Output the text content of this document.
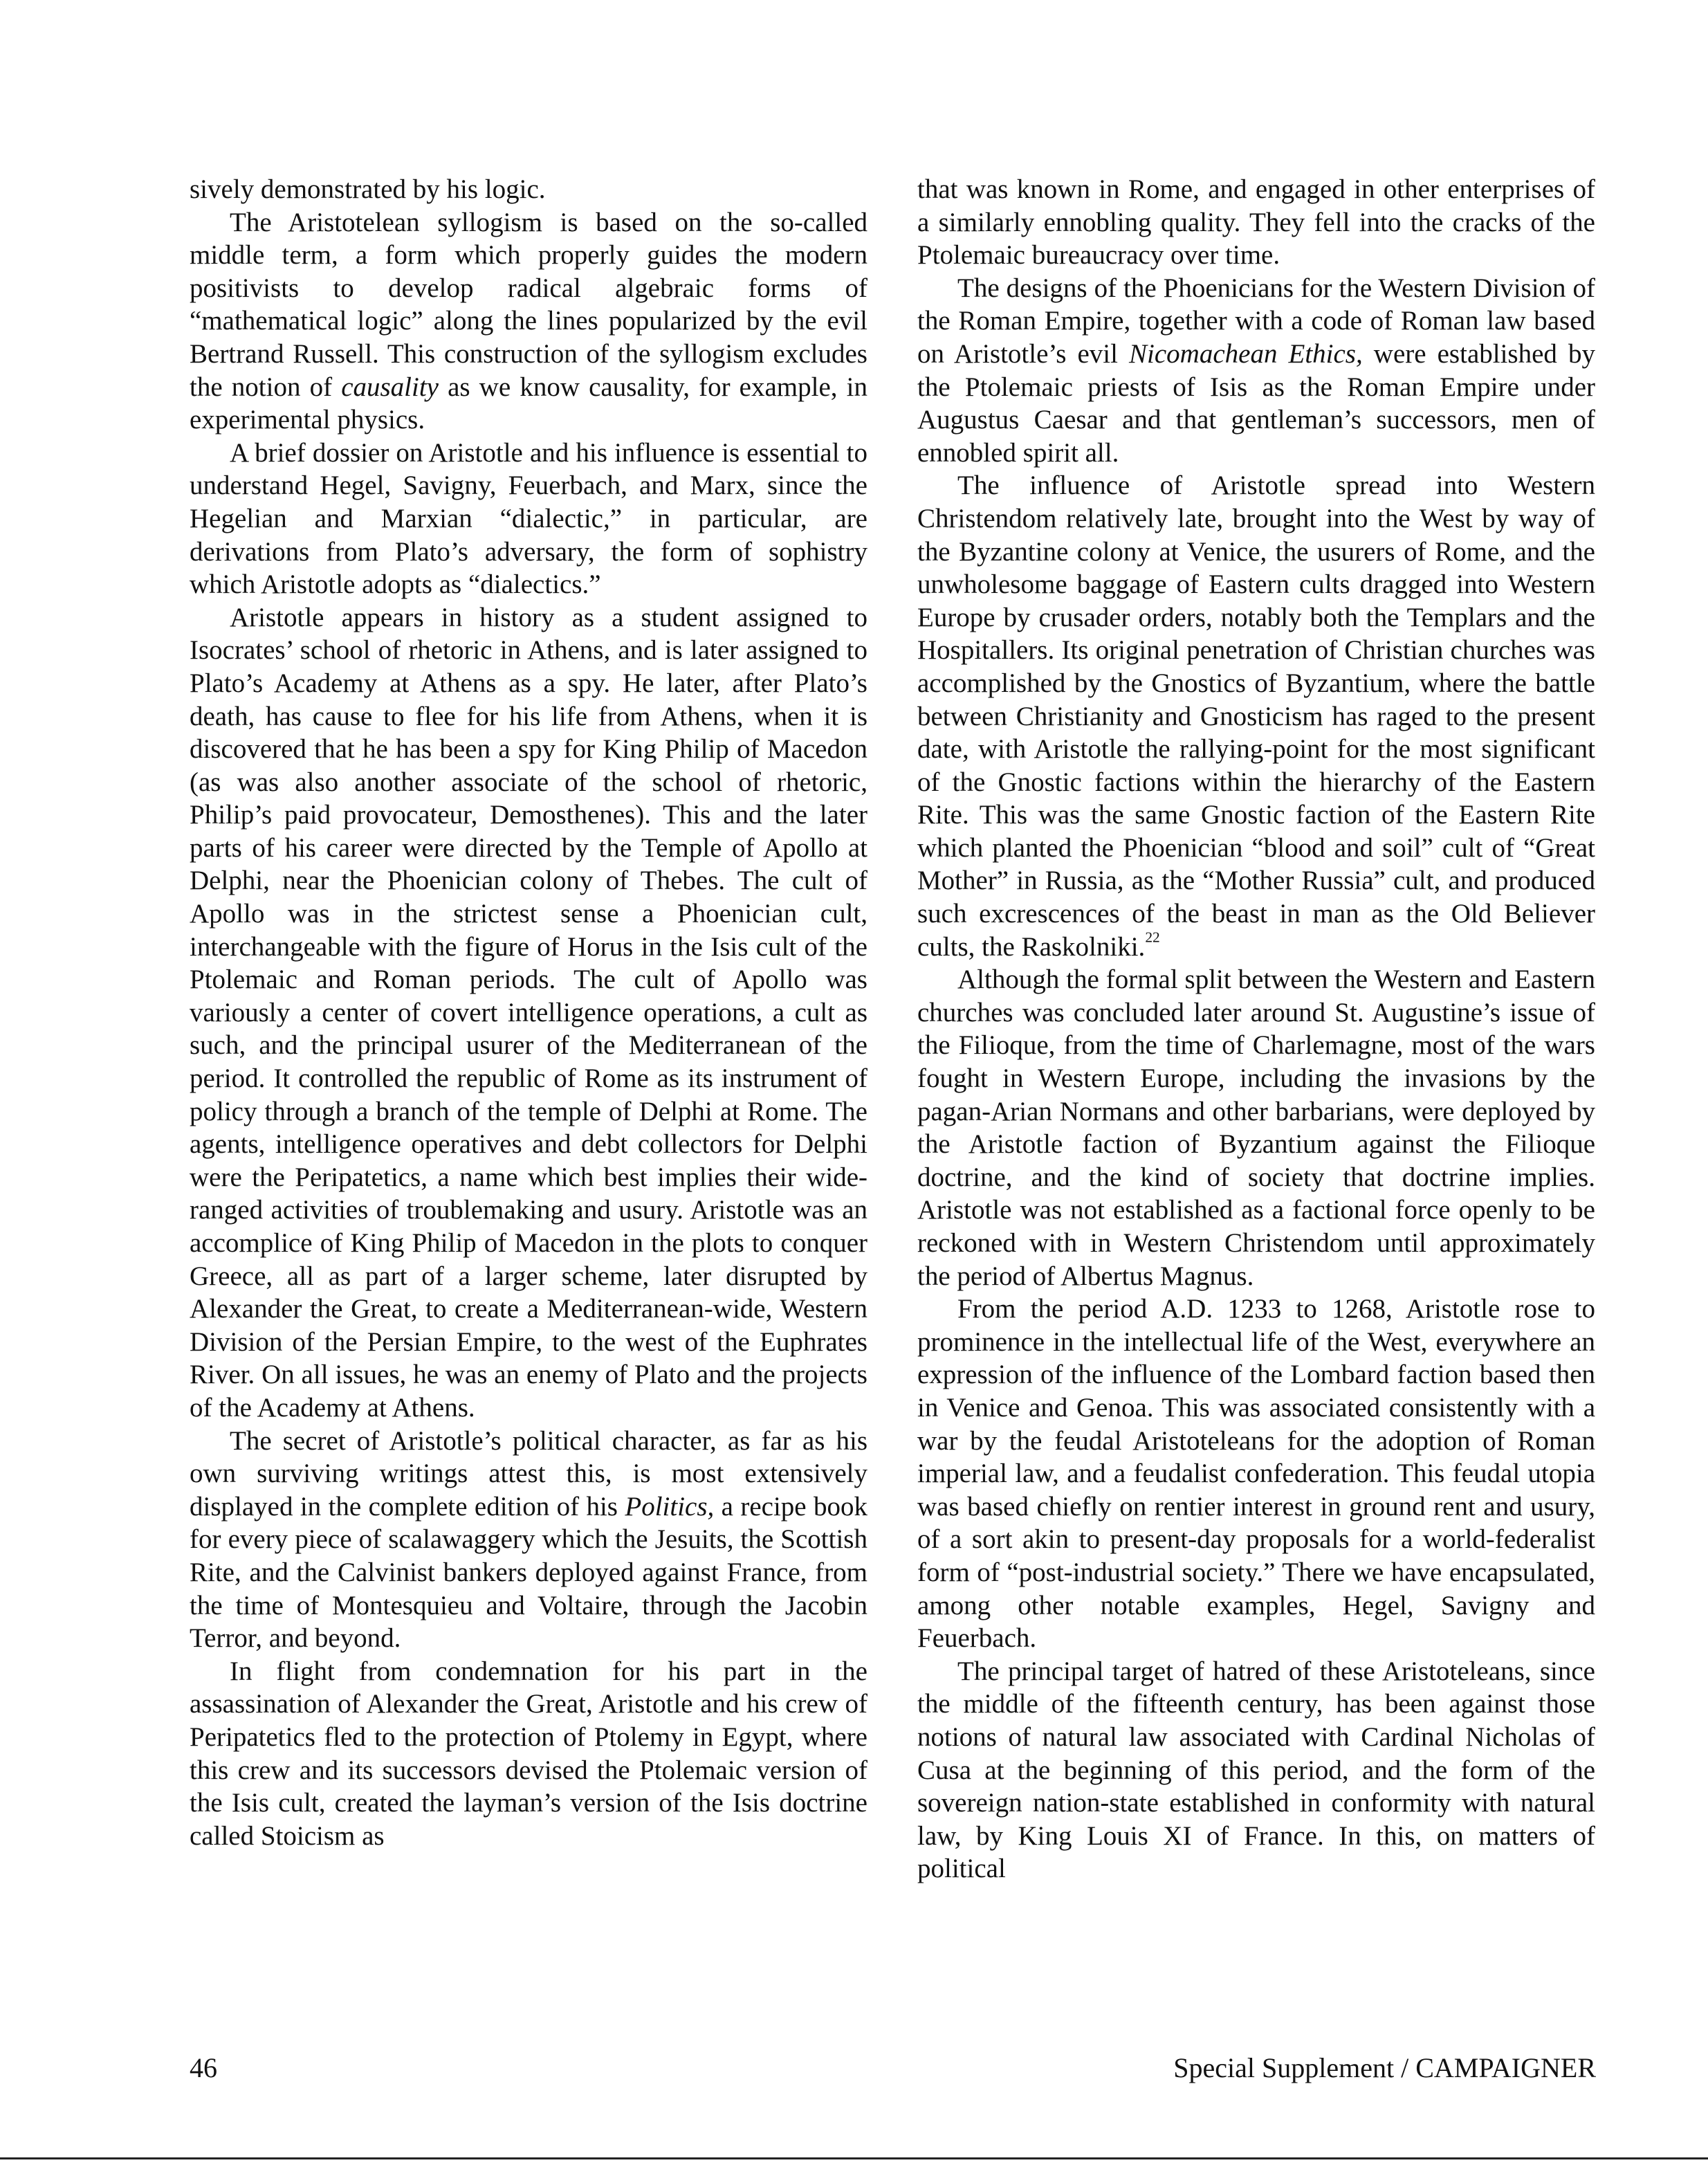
sively demonstrated by his logic.

The Aristotelean syllogism is based on the so-called middle term, a form which properly guides the modern positivists to develop radical algebraic forms of “mathematical logic” along the lines popularized by the evil Bertrand Russell. This construction of the syllogism excludes the notion of causality as we know causality, for example, in experimental physics.

A brief dossier on Aristotle and his influence is essential to understand Hegel, Savigny, Feuerbach, and Marx, since the Hegelian and Marxian “dialectic,” in particular, are derivations from Plato’s adversary, the form of sophistry which Aristotle adopts as “dialectics.”

Aristotle appears in history as a student assigned to Isocrates’ school of rhetoric in Athens, and is later assigned to Plato’s Academy at Athens as a spy. He later, after Plato’s death, has cause to flee for his life from Athens, when it is discovered that he has been a spy for King Philip of Macedon (as was also another associate of the school of rhetoric, Philip’s paid provocateur, Demosthenes). This and the later parts of his career were directed by the Temple of Apollo at Delphi, near the Phoenician colony of Thebes. The cult of Apollo was in the strictest sense a Phoenician cult, interchangeable with the figure of Horus in the Isis cult of the Ptolemaic and Roman periods. The cult of Apollo was variously a center of covert intelligence operations, a cult as such, and the principal usurer of the Mediterranean of the period. It controlled the republic of Rome as its instrument of policy through a branch of the temple of Delphi at Rome. The agents, intelligence operatives and debt collectors for Delphi were the Peripatetics, a name which best implies their wide-ranged activities of troublemaking and usury. Aristotle was an accomplice of King Philip of Macedon in the plots to conquer Greece, all as part of a larger scheme, later disrupted by Alexander the Great, to create a Mediterranean-wide, Western Division of the Persian Empire, to the west of the Euphrates River. On all issues, he was an enemy of Plato and the projects of the Academy at Athens.

The secret of Aristotle’s political character, as far as his own surviving writings attest this, is most extensively displayed in the complete edition of his Politics, a recipe book for every piece of scalawaggery which the Jesuits, the Scottish Rite, and the Calvinist bankers deployed against France, from the time of Montesquieu and Voltaire, through the Jacobin Terror, and beyond.

In flight from condemnation for his part in the assassination of Alexander the Great, Aristotle and his crew of Peripatetics fled to the protection of Ptolemy in Egypt, where this crew and its successors devised the Ptolemaic version of the Isis cult, created the layman’s version of the Isis doctrine called Stoicism as

that was known in Rome, and engaged in other enterprises of a similarly ennobling quality. They fell into the cracks of the Ptolemaic bureaucracy over time.

The designs of the Phoenicians for the Western Division of the Roman Empire, together with a code of Roman law based on Aristotle’s evil Nicomachean Ethics, were established by the Ptolemaic priests of Isis as the Roman Empire under Augustus Caesar and that gentleman’s successors, men of ennobled spirit all.

The influence of Aristotle spread into Western Christendom relatively late, brought into the West by way of the Byzantine colony at Venice, the usurers of Rome, and the unwholesome baggage of Eastern cults dragged into Western Europe by crusader orders, notably both the Templars and the Hospitallers. Its original penetration of Christian churches was accomplished by the Gnostics of Byzantium, where the battle between Christianity and Gnosticism has raged to the present date, with Aristotle the rallying-point for the most significant of the Gnostic factions within the hierarchy of the Eastern Rite. This was the same Gnostic faction of the Eastern Rite which planted the Phoenician “blood and soil” cult of “Great Mother” in Russia, as the “Mother Russia” cult, and produced such excrescences of the beast in man as the Old Believer cults, the Raskolniki.$^{22}$

Although the formal split between the Western and Eastern churches was concluded later around St. Augustine’s issue of the Filioque, from the time of Charlemagne, most of the wars fought in Western Europe, including the invasions by the pagan-Arian Normans and other barbarians, were deployed by the Aristotle faction of Byzantium against the Filioque doctrine, and the kind of society that doctrine implies. Aristotle was not established as a factional force openly to be reckoned with in Western Christendom until approximately the period of Albertus Magnus.

From the period A.D. 1233 to 1268, Aristotle rose to prominence in the intellectual life of the West, everywhere an expression of the influence of the Lombard faction based then in Venice and Genoa. This was associated consistently with a war by the feudal Aristoteleans for the adoption of Roman imperial law, and a feudalist confederation. This feudal utopia was based chiefly on rentier interest in ground rent and usury, of a sort akin to present-day proposals for a world-federalist form of “post-industrial society.” There we have encapsulated, among other notable examples, Hegel, Savigny and Feuerbach.

The principal target of hatred of these Aristoteleans, since the middle of the fifteenth century, has been against those notions of natural law associated with Cardinal Nicholas of Cusa at the beginning of this period, and the form of the sovereign nation-state established in conformity with natural law, by King Louis XI of France. In this, on matters of political

46	Special Supplement / CAMPAIGNER
